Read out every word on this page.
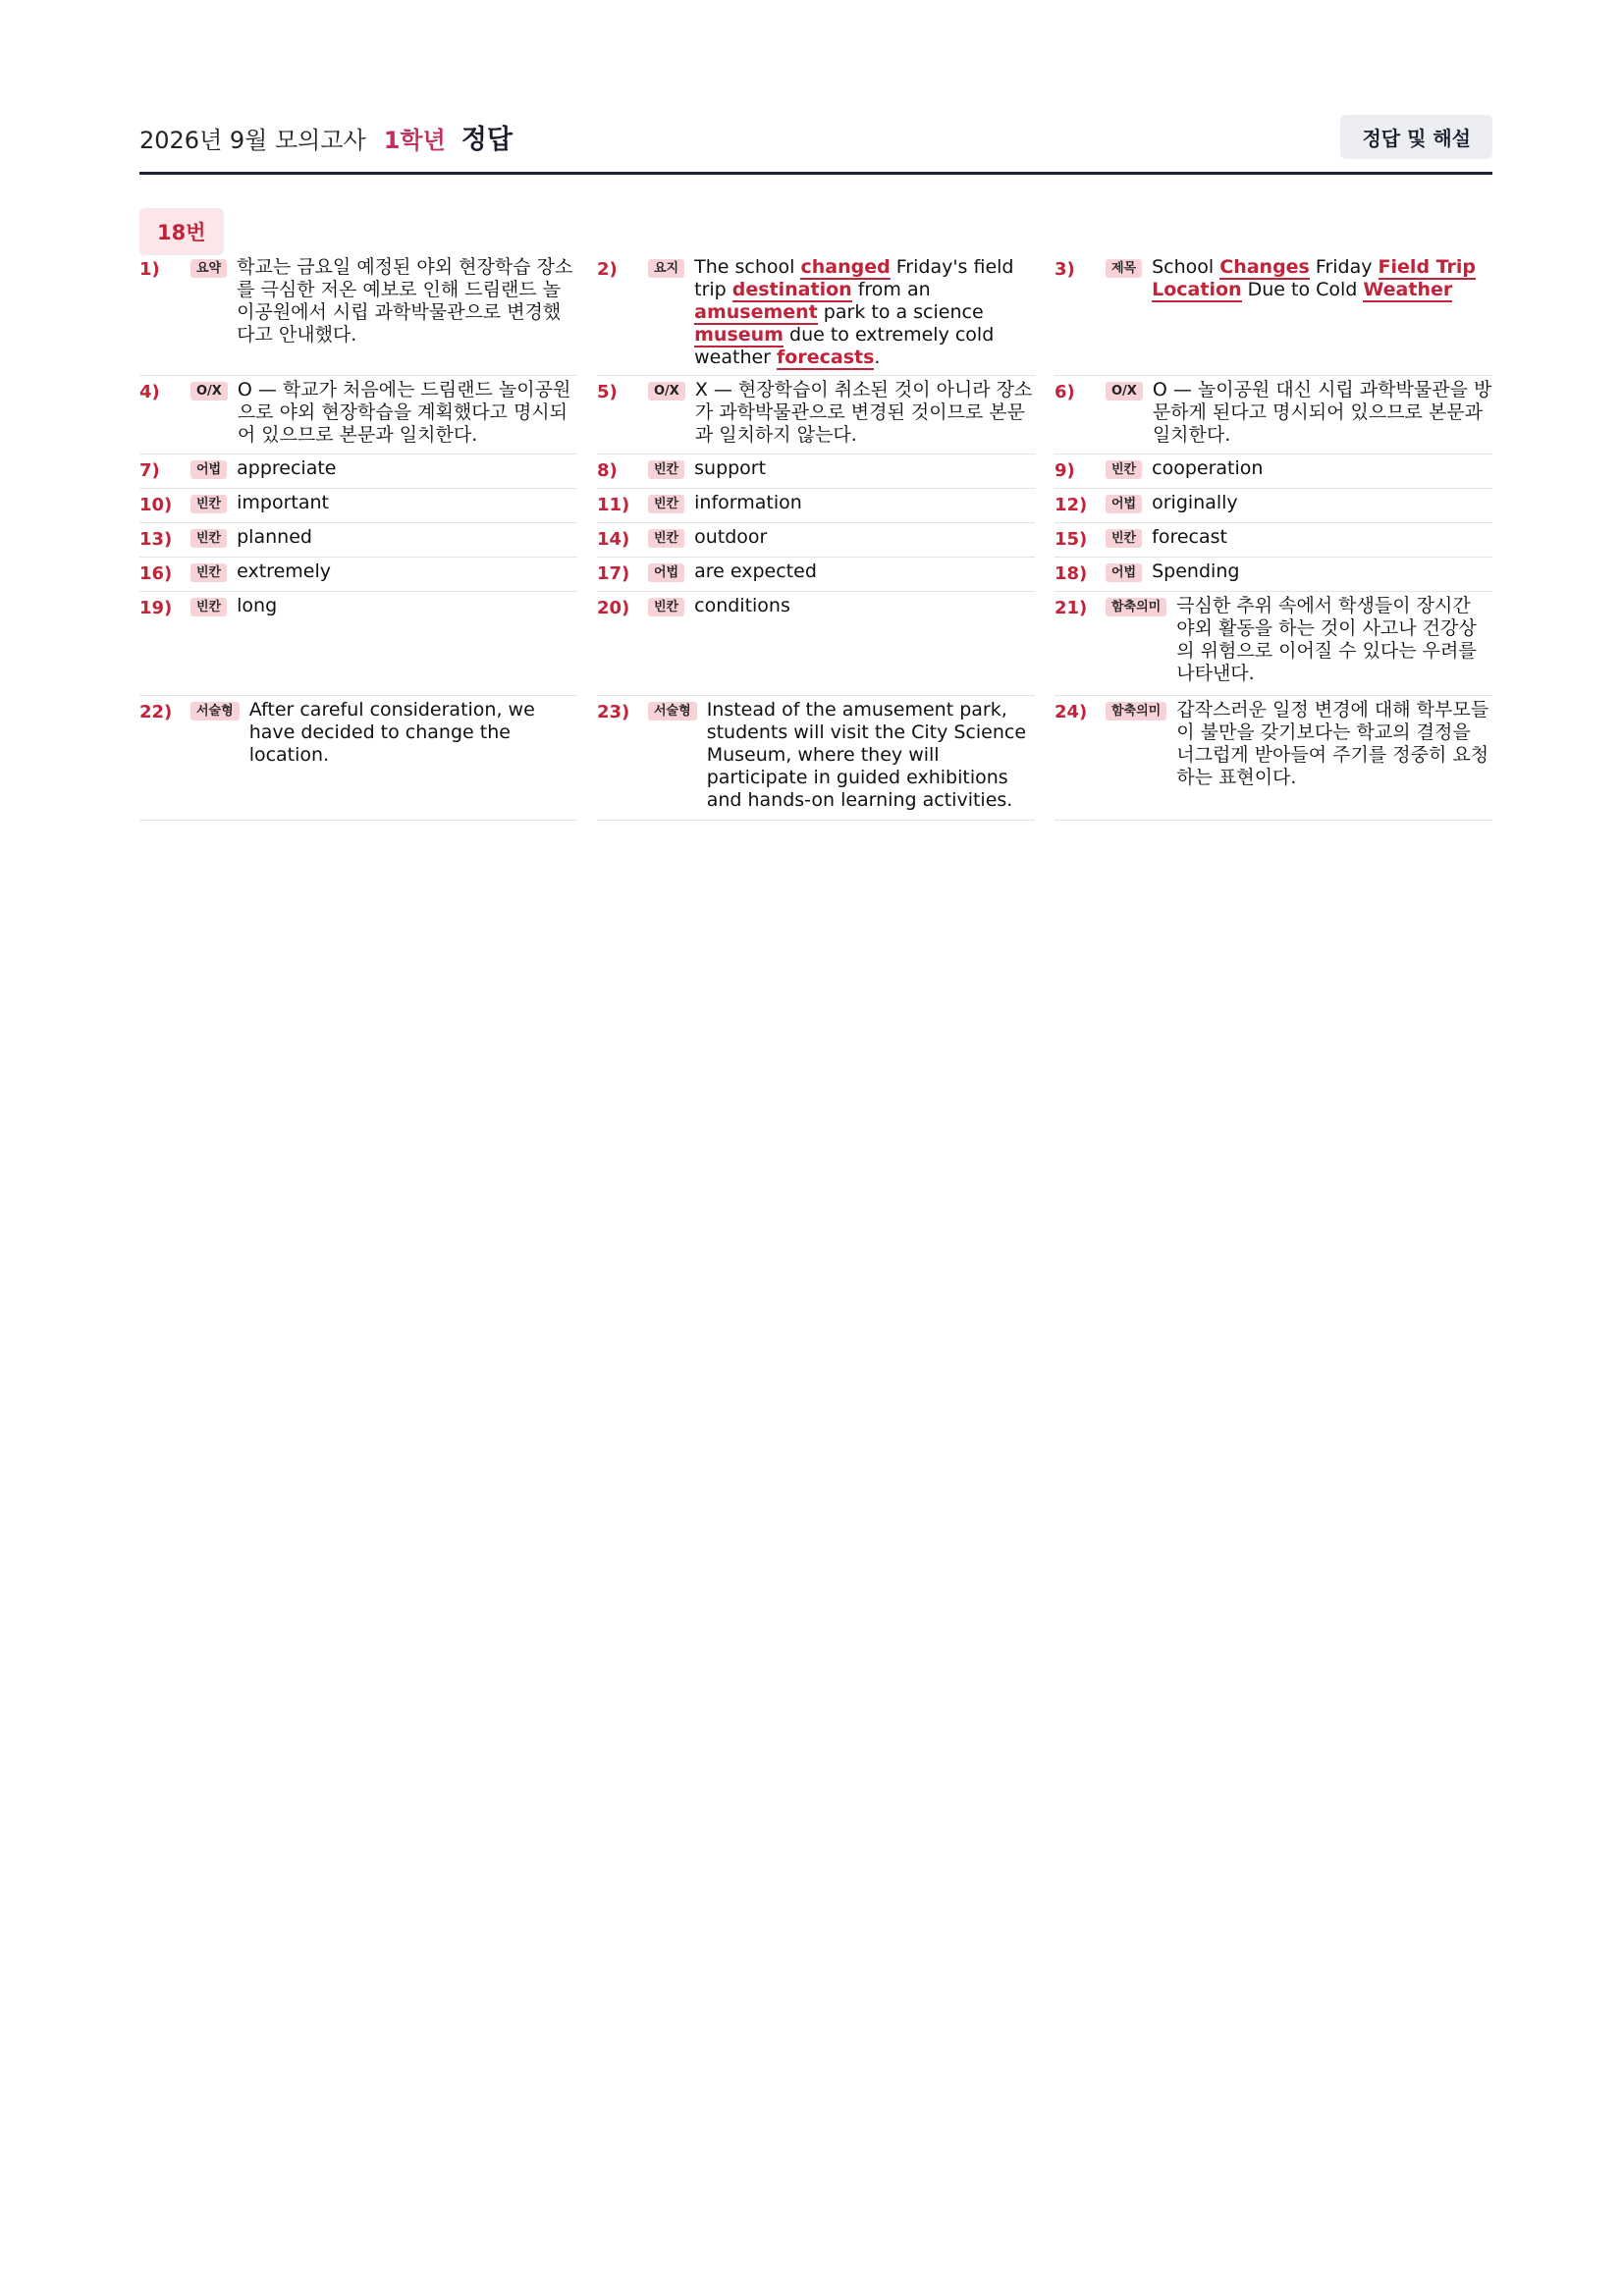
2026년 9월 모의고사 1학년 정답	정답 및 해설
18번
1)	요약 학교는 금요일 예정된 야외 현장학습 장소를 극심한 저온 예보로 인해 드림랜드 놀이공원에서 시립 과학박물관으로 변경했다고 안내했다.
2)	요지 The school changed Friday's field trip destination from an amusement park to a science museum due to extremely cold weather forecasts.
3)	제목 School Changes Friday Field Trip Location Due to Cold Weather
4)	O/X O — 학교가 처음에는 드림랜드 놀이공원으로 야외 현장학습을 계획했다고 명시되어 있으므로 본문과 일치한다.
5)	O/X X — 현장학습이 취소된 것이 아니라 장소가 과학박물관으로 변경된 것이므로 본문과 일치하지 않는다.
6)	O/X O — 놀이공원 대신 시립 과학박물관을 방문하게 된다고 명시되어 있으므로 본문과 일치한다.
7)	어법 appreciate	8)	빈칸 support	9)	빈칸 cooperation
10)	빈칸 important	11)	빈칸 information	12)	어법 originally
13)	빈칸 planned	14)	빈칸 outdoor	15)	빈칸 forecast
16)	빈칸 extremely	17)	어법 are expected	18)	어법 Spending
19)	빈칸 long	20)	빈칸 conditions	21)	함축의미 극심한 추위 속에서 학생들이 장시간 야외 활동을 하는 것이 사고나 건강상의 위험으로 이어질 수 있다는 우려를 나타낸다.
22)	서술형 After careful consideration, we have decided to change the location.
23)	서술형 Instead of the amusement park, students will visit the City Science Museum, where they will participate in guided exhibitions and hands-on learning activities.
24)	함축의미 갑작스러운 일정 변경에 대해 학부모들이 불만을 갖기보다는 학교의 결정을 너그럽게 받아들여 주기를 정중히 요청하는 표현이다.
